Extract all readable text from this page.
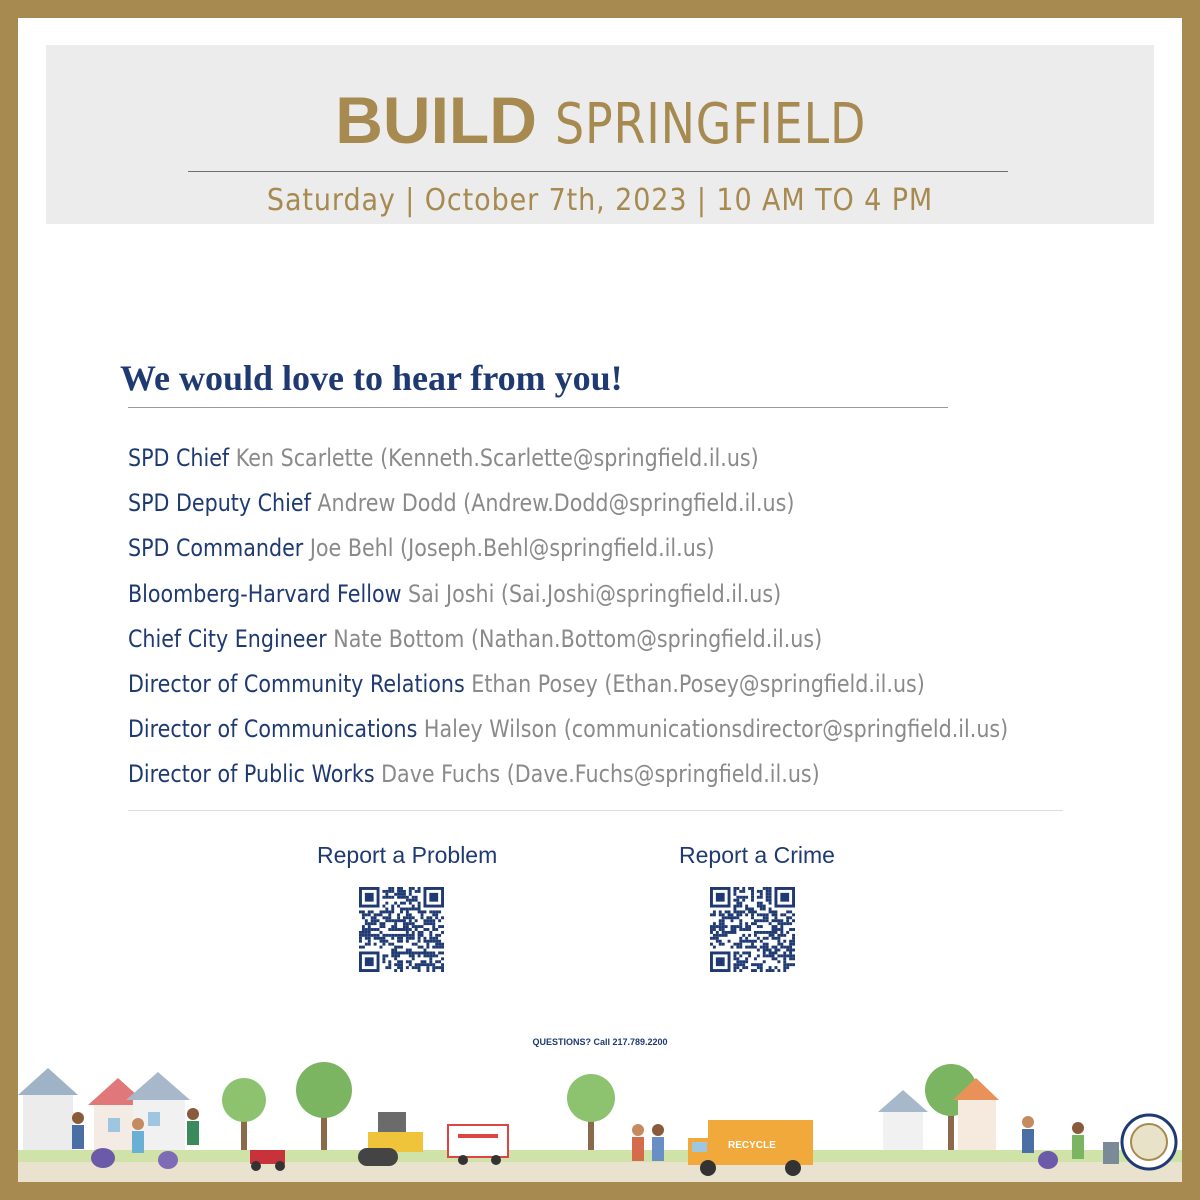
BUILD SPRINGFIELD
Saturday | October 7th, 2023 | 10 AM TO 4 PM
We would love to hear from you!
SPD Chief Ken Scarlette (Kenneth.Scarlette@springfield.il.us)
SPD Deputy Chief Andrew Dodd (Andrew.Dodd@springfield.il.us)
SPD Commander Joe Behl (Joseph.Behl@springfield.il.us)
Bloomberg-Harvard Fellow Sai Joshi (Sai.Joshi@springfield.il.us)
Chief City Engineer Nate Bottom (Nathan.Bottom@springfield.il.us)
Director of Community Relations Ethan Posey (Ethan.Posey@springfield.il.us)
Director of Communications Haley Wilson (communicationsdirector@springfield.il.us)
Director of Public Works Dave Fuchs (Dave.Fuchs@springfield.il.us)
Report a Problem	Report a Crime
QUESTIONS? Call 217.789.2200
RECYCLE
